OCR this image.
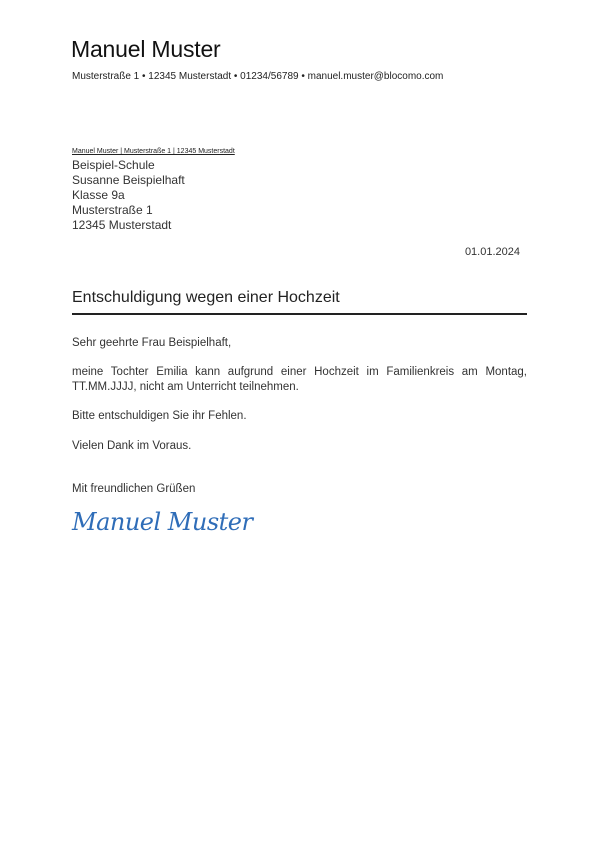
Manuel Muster
Musterstraße 1 • 12345 Musterstadt • 01234/56789 • manuel.muster@blocomo.com
Manuel Muster | Musterstraße 1 | 12345 Musterstadt
Beispiel-Schule
Susanne Beispielhaft
Klasse 9a
Musterstraße 1
12345 Musterstadt
01.01.2024
Entschuldigung wegen einer Hochzeit
Sehr geehrte Frau Beispielhaft,
meine Tochter Emilia kann aufgrund einer Hochzeit im Familienkreis am Montag, TT.MM.JJJJ, nicht am Unterricht teilnehmen.
Bitte entschuldigen Sie ihr Fehlen.
Vielen Dank im Voraus.
Mit freundlichen Grüßen
Manuel Muster
